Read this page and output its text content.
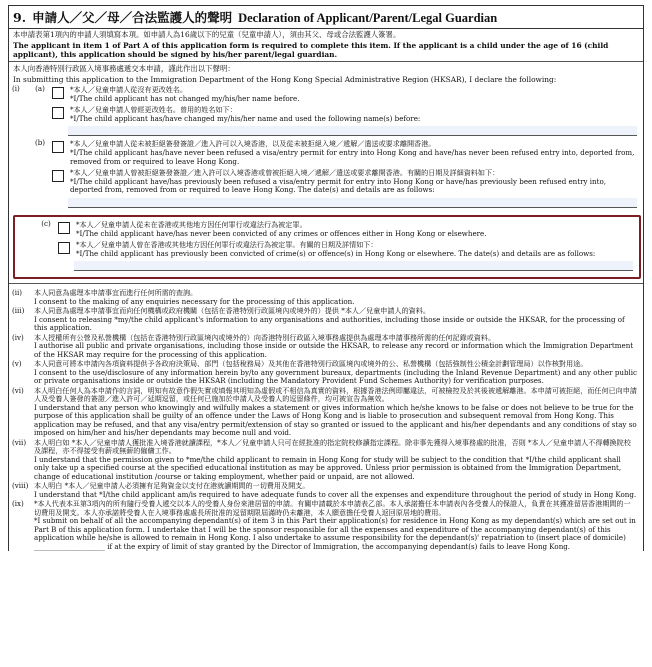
9. 申請人／父／母／合法監護人的聲明 Declaration of Applicant/Parent/Legal Guardian
本申請表第1項內的申請人須填寫本項。如申請人為16歲以下的兒童（兒童申請人），須由其父、母或合法監護人簽署。
The applicant in item 1 of Part A of this application form is required to complete this item. If the applicant is a child under the age of 16 (child applicant), this application should be signed by his/her parent/legal guardian.
本人向香港特別行政區入境事務處遞交本申請，謹此作出以下聲明：
In submitting this application to the Immigration Department of the Hong Kong Special Administrative Region (HKSAR), I declare the following:
(i)	(a)	*本人／兒童申請人從沒有更改姓名。
*I/The child applicant has not changed my/his/her name before.
*本人／兒童申請人曾經更改姓名。曾用的姓名如下：
*I/The child applicant has/have changed my/his/her name and used the following name(s) before:
(b)	*本人／兒童申請人從未被拒絕簽發簽證／進入許可以入境香港，以及從未被拒絕入境／遞解／遣送或要求離開香港。
*I/The child applicant has/have never been refused a visa/entry permit for entry into Hong Kong and have/has never been refused entry into, deported from, removed from or required to leave Hong Kong.
*本人／兒童申請人曾被拒絕簽發簽證／進入許可以入境香港或曾被拒絕入境／遞解／遣送或要求離開香港。有關的日期及詳細資料如下：
*I/The child applicant have/has previously been refused a visa/entry permit for entry into Hong Kong or have/has previously been refused entry into, deported from, removed from or required to leave Hong Kong. The date(s) and details are as follows:
(c)	*本人／兒童申請人從未在香港或其他地方因任何罪行或違法行為被定罪。
*I/The child applicant have/has never been convicted of any crimes or offences either in Hong Kong or elsewhere.
*本人／兒童申請人曾在香港或其他地方因任何罪行或違法行為被定罪。有關的日期及詳情如下：
*I/The child applicant has previously been convicted of crime(s) or offence(s) in Hong Kong or elsewhere. The date(s) and details are as follows:
(ii)	本人同意為處理本申請事宜而進行任何所需的查詢。
I consent to the making of any enquiries necessary for the processing of this application.
(iii)	本人同意為處理本申請事宜而向任何機構或政府機關（包括在香港特別行政區境內或境外的）提供 *本人／兒童申請人的資料。
I consent to releasing *my/the child applicant's information to any organisations and authorities, including those inside or outside the HKSAR, for the processing of this application.
(iv)	本人授權所有公營及私營機構（包括在香港特別行政區境內或境外的）向香港特別行政區入境事務處提供為處理本申請事務所需的任何記錄或資料。
I authorise all public and private organisations, including those inside or outside the HKSAR, to release any record or information which the Immigration Department of the HKSAR may require for the processing of this application.
(v)	本人同意可將本申請內各項資料提供予各政府決策局、部門（包括稅務局）及其他在香港特別行政區境內或境外的公、私營機構（包括強制性公積金計劃管理局）以作核對用途。
I consent to the use/disclosure of any information herein by/to any government bureaux, departments (including the Inland Revenue Department) and any other public or private organisations inside or outside the HKSAR (including the Mandatory Provident Fund Schemes Authority) for verification purposes.
(vi)	本人明白任何人為本申請作的言詞，明知有故意作假失實或填報其明知為虛假或不相信為真實的資料，根據香港法例即屬違法，可被檢控及於其後被遞解離港。本申請可被拒絕，而任何已向申請人及受養人簽發的簽證／進入許可／延期逗留，或任何已施加於申請人及受養人的逗留條件，均可被宣告為無效。
I understand that any person who knowingly and wilfully makes a statement or gives information which he/she knows to be false or does not believe to be true for the purpose of this application shall be guilty of an offence under the Laws of Hong Kong and is liable to prosecution and subsequent removal from Hong Kong. This application may be refused, and that any visa/entry permit/extension of stay so granted or issued to the applicant and his/her dependants and any conditions of stay so imposed on him/her and his/her dependants may become null and void.
(vii)	本人明白如 *本人／兒童申請人獲批准入境香港就讀課程，*本人／兒童申請人只可在經批准的指定院校修讀指定課程。除非事先獲得入境事務處的批准，否則 *本人／兒童申請人不得轉換院校及課程，亦不得接受有薪或無薪的僱傭工作。
I understand that the permission given to *me/the child applicant to remain in Hong Kong for study will be subject to the condition that *I/the child applicant shall only take up a specified course at the specified educational institution as may be approved. Unless prior permission is obtained from the Immigration Department, change of educational institution /course or taking employment, whether paid or unpaid, are not allowed.
(viii) 本人明白 *本人／兒童申請人必須擁有足夠資金以支付在港就讀期間的一切費用及開支。
I understand that *I/the child applicant am/is required to have adequate funds to cover all the expenses and expenditure throughout the period of study in Hong Kong.
(ix)	*本人代表本표第3項內的所有隨行受養人遞交以本人的受養人身份來港居留的申請。有關申請載於本申請表乙部。本人承諾擔任本申請表內各受養人的保證人，負責在其獲准留居香港期間的一切費用及開支。本人亦承諾將受養人在入境事務處處長所批准的逗留期限屆滿時仍未離港，本人願意擔任受養人返回原居地的費用。
*I submit on behalf of all the accompanying dependant(s) of item 3 in this Part their application(s) for residence in Hong Kong as my dependant(s) which are set out in Part B of this application form. I undertake that I will be the sponsor responsible for all the expenses and expenditure of the accompanying dependant(s) of this application while he/she is allowed to remain in Hong Kong. I also undertake to assume responsibility for the dependant(s)' repatriation to (insert place of domicile) ____________________ if at the expiry of limit of stay granted by the Director of Immigration, the accompanying dependant(s) fails to leave Hong Kong.
